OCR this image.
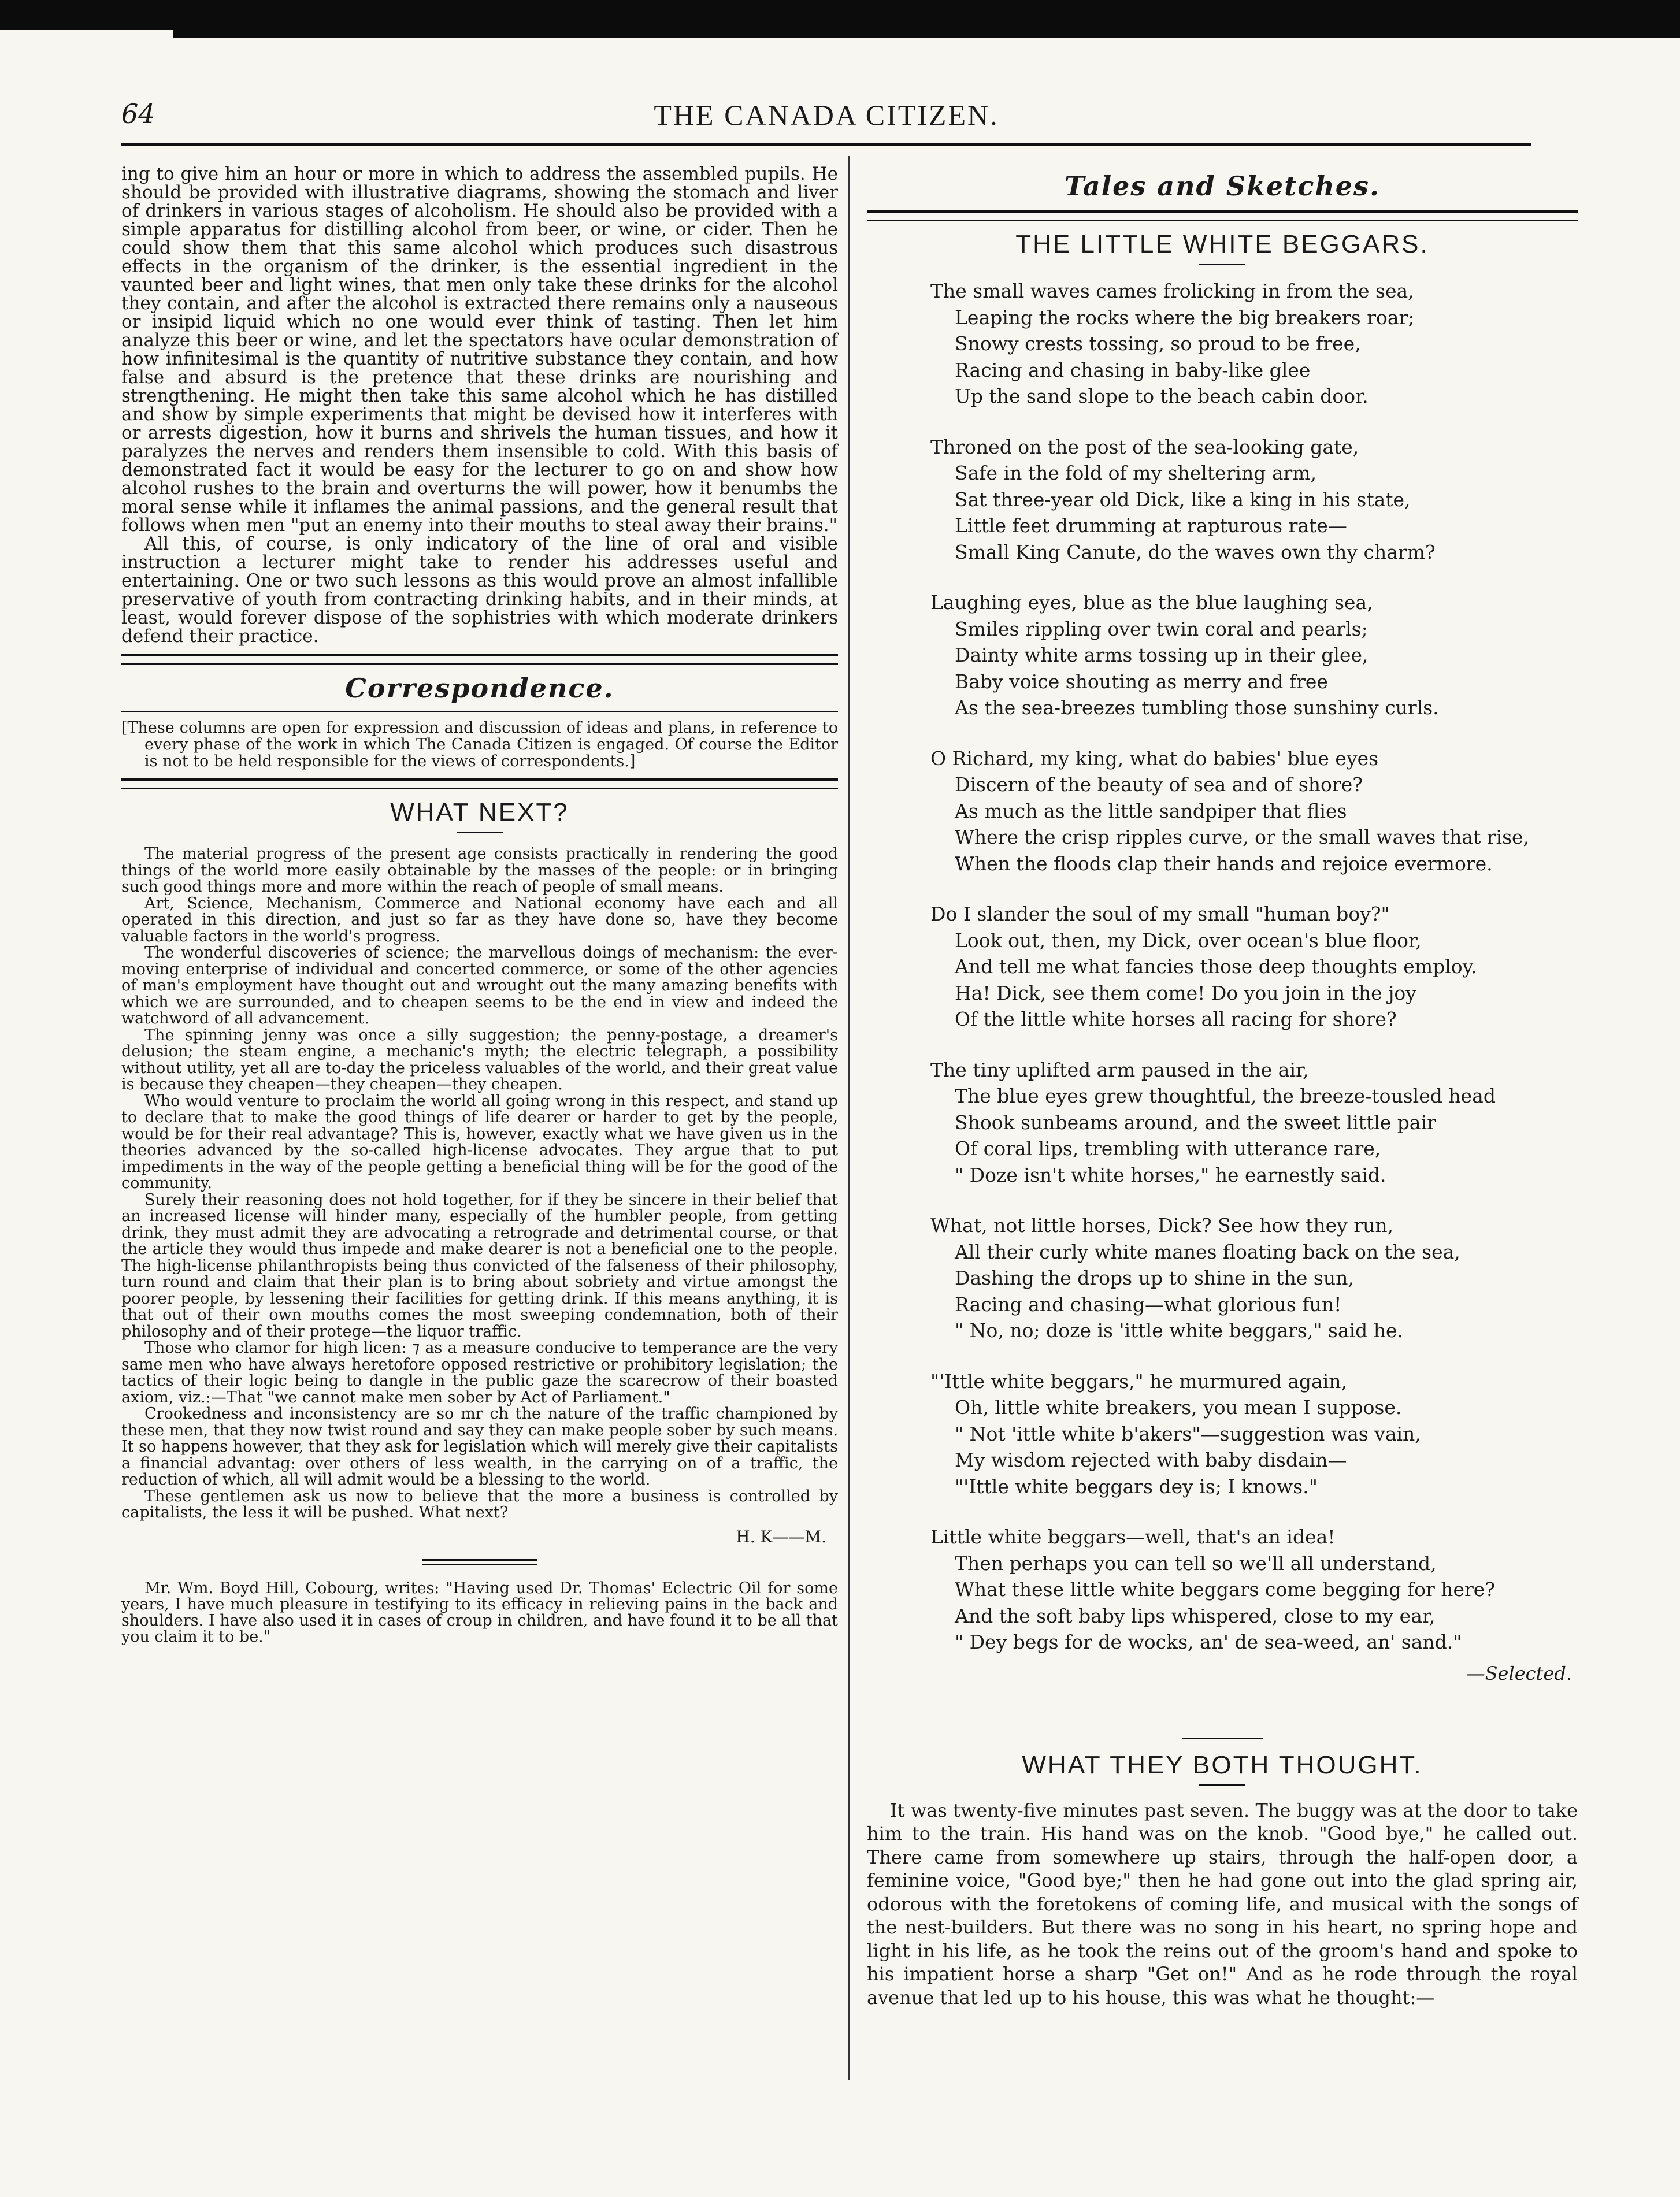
64	THE CANADA CITIZEN.

ing to give him an hour or more in which to address the assembled pupils. He should be provided with illustrative diagrams, showing the stomach and liver of drinkers in various stages of alcoholism. He should also be provided with a simple apparatus for distilling alcohol from beer, or wine, or cider. Then he could show them that this same alcohol which produces such disastrous effects in the organism of the drinker, is the essential ingredient in the vaunted beer and light wines, that men only take these drinks for the alcohol they contain, and after the alcohol is extracted there remains only a nauseous or insipid liquid which no one would ever think of tasting. Then let him analyze this beer or wine, and let the spectators have ocular demonstration of how infinitesimal is the quantity of nutritive substance they contain, and how false and absurd is the pretence that these drinks are nourishing and strengthening. He might then take this same alcohol which he has distilled and show by simple experiments that might be devised how it interferes with or arrests digestion, how it burns and shrivels the human tissues, and how it paralyzes the nerves and renders them insensible to cold. With this basis of demonstrated fact it would be easy for the lecturer to go on and show how alcohol rushes to the brain and overturns the will power, how it benumbs the moral sense while it inflames the animal passions, and the general result that follows when men "put an enemy into their mouths to steal away their brains."

All this, of course, is only indicatory of the line of oral and visible instruction a lecturer might take to render his addresses useful and entertaining. One or two such lessons as this would prove an almost infallible preservative of youth from contracting drinking habits, and in their minds, at least, would forever dispose of the sophistries with which moderate drinkers defend their practice.

Correspondence.

[These columns are open for expression and discussion of ideas and plans, in reference to every phase of the work in which The Canada Citizen is engaged. Of course the Editor is not to be held responsible for the views of correspondents.]

WHAT NEXT?

The material progress of the present age consists practically in rendering the good things of the world more easily obtainable by the masses of the people: or in bringing such good things more and more within the reach of people of small means.

Art, Science, Mechanism, Commerce and National economy have each and all operated in this direction, and just so far as they have done so, have they become valuable factors in the world's progress.

The wonderful discoveries of science; the marvellous doings of mechanism: the ever-moving enterprise of individual and concerted commerce, or some of the other agencies of man's employment have thought out and wrought out the many amazing benefits with which we are surrounded, and to cheapen seems to be the end in view and indeed the watchword of all advancement.

The spinning jenny was once a silly suggestion; the penny-postage, a dreamer's delusion; the steam engine, a mechanic's myth; the electric telegraph, a possibility without utility, yet all are to-day the priceless valuables of the world, and their great value is because they cheapen—they cheapen—they cheapen.

Who would venture to proclaim the world all going wrong in this respect, and stand up to declare that to make the good things of life dearer or harder to get by the people, would be for their real advantage? This is, however, exactly what we have given us in the theories advanced by the so-called high-license advocates. They argue that to put impediments in the way of the people getting a beneficial thing will be for the good of the community.

Surely their reasoning does not hold together, for if they be sincere in their belief that an increased license will hinder many, especially of the humbler people, from getting drink, they must admit they are advocating a retrograde and detrimental course, or that the article they would thus impede and make dearer is not a beneficial one to the people. The high-license philanthropists being thus convicted of the falseness of their philosophy, turn round and claim that their plan is to bring about sobriety and virtue amongst the poorer people, by lessening their facilities for getting drink. If this means anything, it is that out of their own mouths comes the most sweeping condemnation, both of their philosophy and of their protege—the liquor traffic.

Those who clamor for high licen: ⁊ as a measure conducive to temperance are the very same men who have always heretofore opposed restrictive or prohibitory legislation; the tactics of their logic being to dangle in the public gaze the scarecrow of their boasted axiom, viz.:—That "we cannot make men sober by Act of Parliament."

Crookedness and inconsistency are so mr ch the nature of the traffic championed by these men, that they now twist round and say they can make people sober by such means. It so happens however, that they ask for legislation which will merely give their capitalists a financial advantag: over others of less wealth, in the carrying on of a traffic, the reduction of which, all will admit would be a blessing to the world.

These gentlemen ask us now to believe that the more a business is controlled by capitalists, the less it will be pushed. What next?

H. K——M.

Mr. Wm. Boyd Hill, Cobourg, writes: "Having used Dr. Thomas' Eclectric Oil for some years, I have much pleasure in testifying to its efficacy in relieving pains in the back and shoulders. I have also used it in cases of croup in children, and have found it to be all that you claim it to be."

Tales and Sketches.
THE LITTLE WHITE BEGGARS.
The small waves cames frolicking in from the sea,
Leaping the rocks where the big breakers roar;
Snowy crests tossing, so proud to be free,
Racing and chasing in baby-like glee
Up the sand slope to the beach cabin door.
Throned on the post of the sea-looking gate,
Safe in the fold of my sheltering arm,
Sat three-year old Dick, like a king in his state,
Little feet drumming at rapturous rate—
Small King Canute, do the waves own thy charm?
Laughing eyes, blue as the blue laughing sea,
Smiles rippling over twin coral and pearls;
Dainty white arms tossing up in their glee,
Baby voice shouting as merry and free
As the sea-breezes tumbling those sunshiny curls.
O Richard, my king, what do babies' blue eyes
Discern of the beauty of sea and of shore?
As much as the little sandpiper that flies
Where the crisp ripples curve, or the small waves that rise,
When the floods clap their hands and rejoice evermore.
Do I slander the soul of my small "human boy?"
Look out, then, my Dick, over ocean's blue floor,
And tell me what fancies those deep thoughts employ.
Ha! Dick, see them come! Do you join in the joy
Of the little white horses all racing for shore?
The tiny uplifted arm paused in the air,
The blue eyes grew thoughtful, the breeze-tousled head
Shook sunbeams around, and the sweet little pair
Of coral lips, trembling with utterance rare,
" Doze isn't white horses," he earnestly said.
What, not little horses, Dick? See how they run,
All their curly white manes floating back on the sea,
Dashing the drops up to shine in the sun,
Racing and chasing—what glorious fun!
" No, no; doze is 'ittle white beggars," said he.
"'Ittle white beggars," he murmured again,
Oh, little white breakers, you mean I suppose.
" Not 'ittle white b'akers"—suggestion was vain,
My wisdom rejected with baby disdain—
"'Ittle white beggars dey is; I knows."
Little white beggars—well, that's an idea!
Then perhaps you can tell so we'll all understand,
What these little white beggars come begging for here?
And the soft baby lips whispered, close to my ear,
" Dey begs for de wocks, an' de sea-weed, an' sand."
—Selected.
WHAT THEY BOTH THOUGHT.

It was twenty-five minutes past seven. The buggy was at the door to take him to the train. His hand was on the knob. "Good bye," he called out. There came from somewhere up stairs, through the half-open door, a feminine voice, "Good bye;" then he had gone out into the glad spring air, odorous with the foretokens of coming life, and musical with the songs of the nest-builders. But there was no song in his heart, no spring hope and light in his life, as he took the reins out of the groom's hand and spoke to his impatient horse a sharp "Get on!" And as he rode through the royal avenue that led up to his house, this was what he thought:—
